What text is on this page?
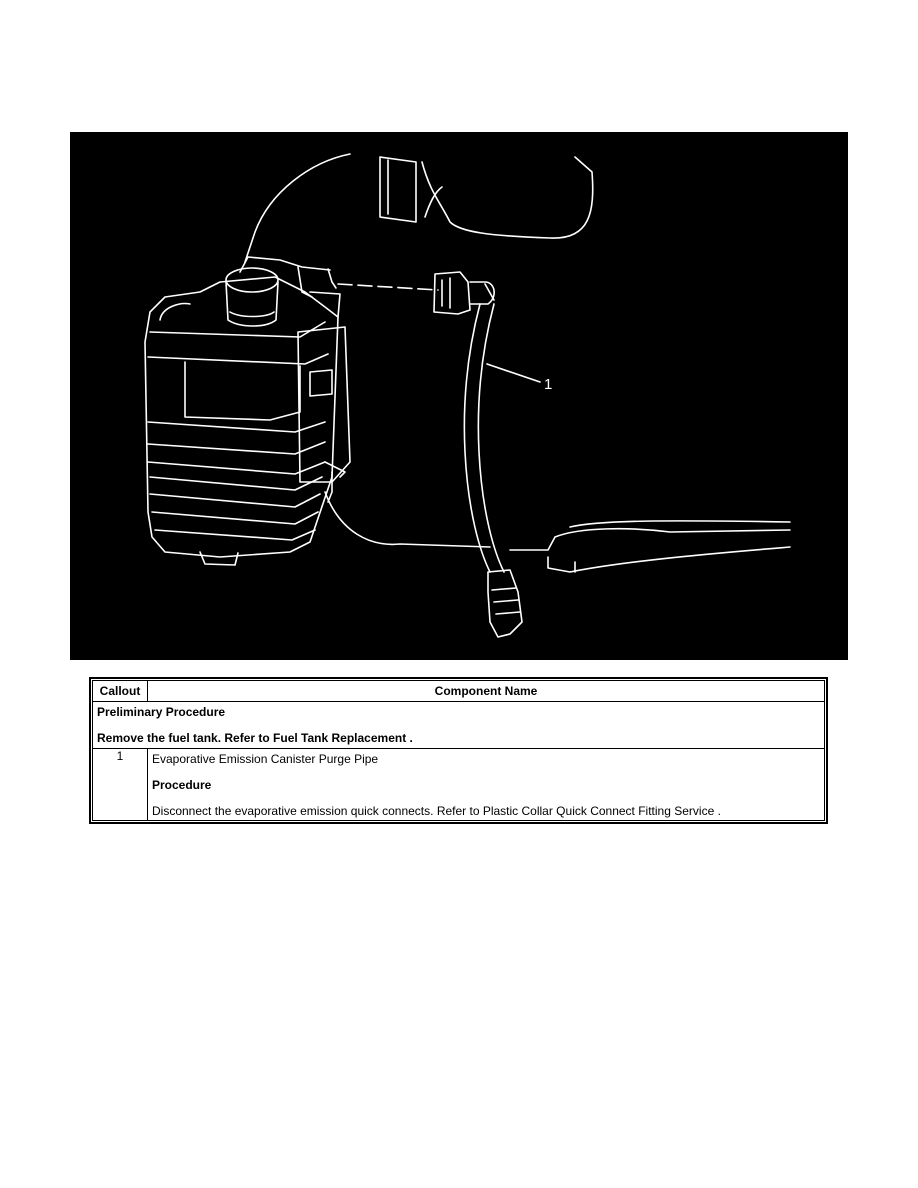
1
Callout	Component Name

Preliminary Procedure

Remove the fuel tank. Refer to Fuel Tank Replacement .	

1	Evaporative Emission Canister Purge Pipe

Procedure

Disconnect the evaporative emission quick connects. Refer to Plastic Collar Quick Connect Fitting Service .
